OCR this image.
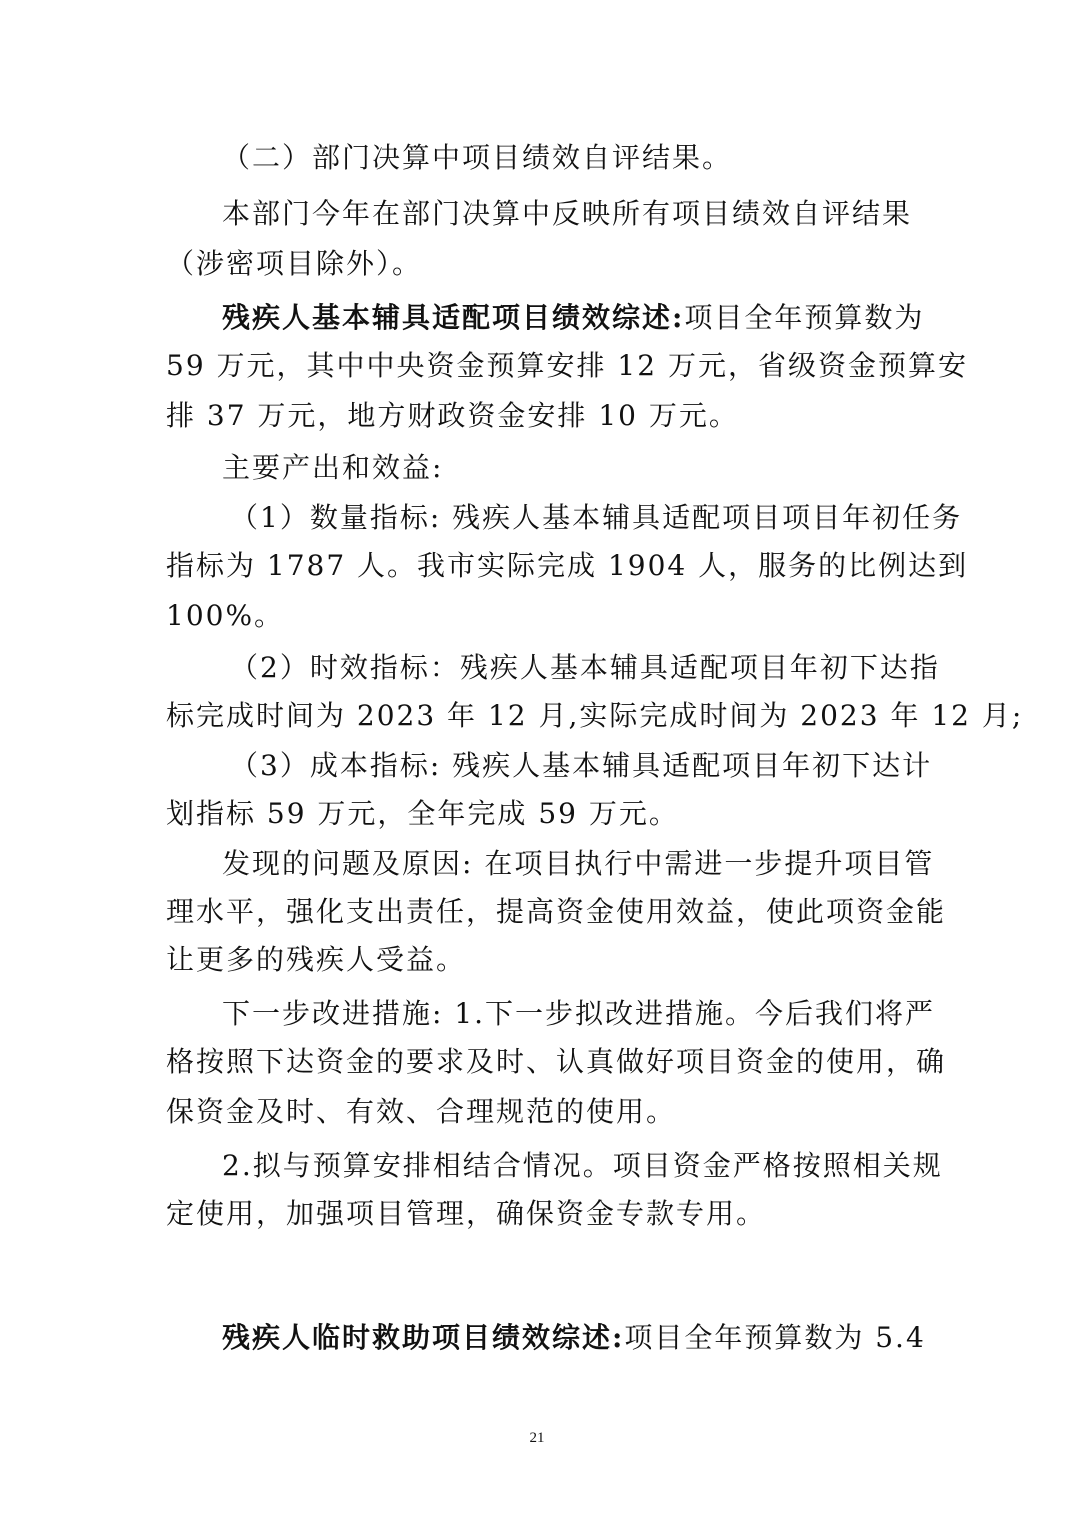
（二）部门决算中项目绩效自评结果。
本部门今年在部门决算中反映所有项目绩效自评结果
（涉密项目除外）。
残疾人基本辅具适配项目绩效综述:项目全年预算数为
59 万元，其中中央资金预算安排 12 万元，省级资金预算安
排 37 万元，地方财政资金安排 10 万元。
主要产出和效益:
（1）数量指标: 残疾人基本辅具适配项目项目年初任务
指标为 1787 人。我市实际完成 1904 人，服务的比例达到
100%。
（2）时效指标：残疾人基本辅具适配项目年初下达指
标完成时间为 2023 年 12 月,实际完成时间为 2023 年 12 月;
（3）成本指标: 残疾人基本辅具适配项目年初下达计
划指标 59 万元，全年完成 59 万元。
发现的问题及原因: 在项目执行中需进一步提升项目管
理水平，强化支出责任，提高资金使用效益，使此项资金能
让更多的残疾人受益。
下一步改进措施: 1.下一步拟改进措施。今后我们将严
格按照下达资金的要求及时、认真做好项目资金的使用，确
保资金及时、有效、合理规范的使用。
2.拟与预算安排相结合情况。项目资金严格按照相关规
定使用，加强项目管理，确保资金专款专用。
残疾人临时救助项目绩效综述:项目全年预算数为 5.4
21
